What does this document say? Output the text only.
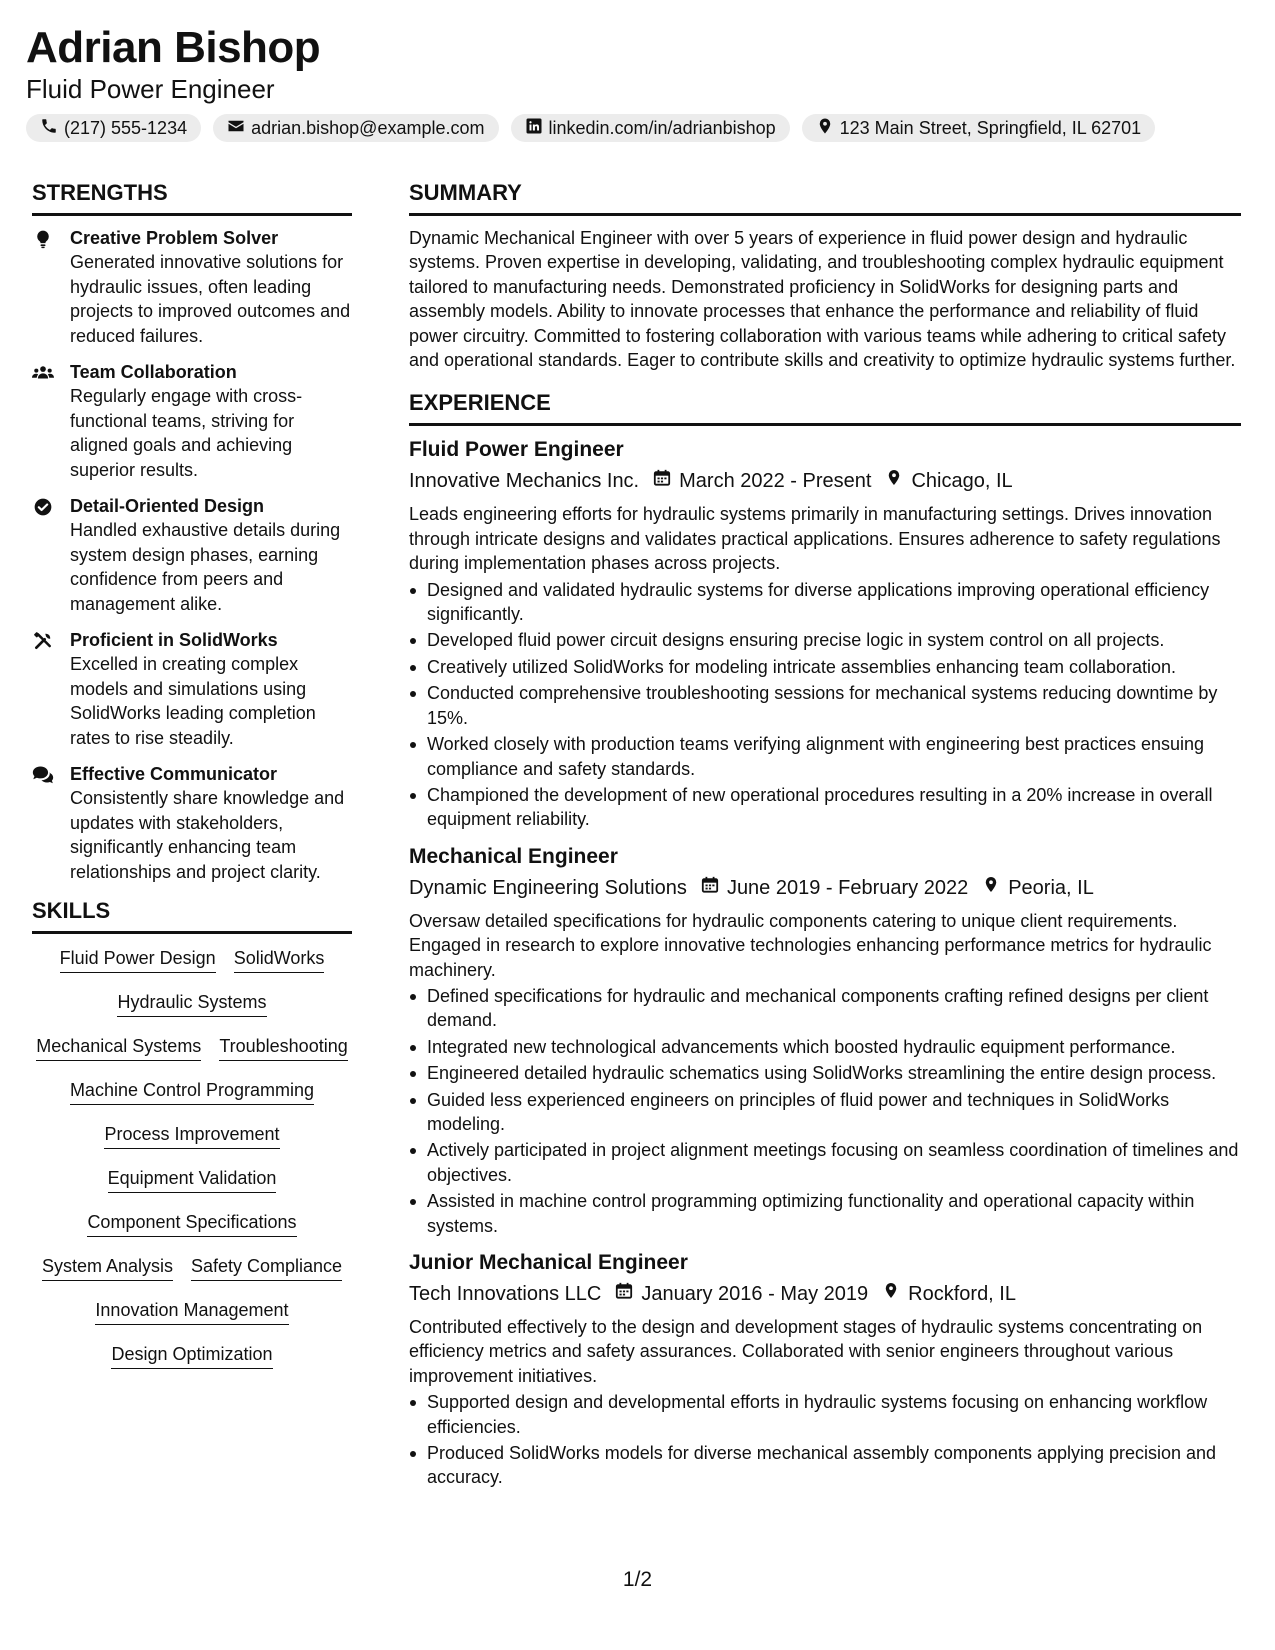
Adrian Bishop
Fluid Power Engineer
(217) 555-1234	adrian.bishop@example.com	linkedin.com/in/adrianbishop	123 Main Street, Springfield, IL 62701
STRENGTHS
Creative Problem Solver
Generated innovative solutions for hydraulic issues, often leading projects to improved outcomes and reduced failures.
Team Collaboration
Regularly engage with cross-functional teams, striving for aligned goals and achieving superior results.
Detail-Oriented Design
Handled exhaustive details during system design phases, earning confidence from peers and management alike.
Proficient in SolidWorks
Excelled in creating complex models and simulations using SolidWorks leading completion rates to rise steadily.
Effective Communicator
Consistently share knowledge and updates with stakeholders, significantly enhancing team relationships and project clarity.
SKILLS
Fluid Power Design SolidWorks
Hydraulic Systems
Mechanical Systems Troubleshooting
Machine Control Programming
Process Improvement
Equipment Validation
Component Specifications
System Analysis Safety Compliance
Innovation Management
Design Optimization
SUMMARY
Dynamic Mechanical Engineer with over 5 years of experience in fluid power design and hydraulic systems. Proven expertise in developing, validating, and troubleshooting complex hydraulic equipment tailored to manufacturing needs. Demonstrated proficiency in SolidWorks for designing parts and assembly models. Ability to innovate processes that enhance the performance and reliability of fluid power circuitry. Committed to fostering collaboration with various teams while adhering to critical safety and operational standards. Eager to contribute skills and creativity to optimize hydraulic systems further.
EXPERIENCE
Fluid Power Engineer
Innovative Mechanics Inc. March 2022 - Present Chicago, IL
Leads engineering efforts for hydraulic systems primarily in manufacturing settings. Drives innovation through intricate designs and validates practical applications. Ensures adherence to safety regulations during implementation phases across projects.
Designed and validated hydraulic systems for diverse applications improving operational efficiency significantly.
Developed fluid power circuit designs ensuring precise logic in system control on all projects.
Creatively utilized SolidWorks for modeling intricate assemblies enhancing team collaboration.
Conducted comprehensive troubleshooting sessions for mechanical systems reducing downtime by 15%.
Worked closely with production teams verifying alignment with engineering best practices ensuing compliance and safety standards.
Championed the development of new operational procedures resulting in a 20% increase in overall equipment reliability.
Mechanical Engineer
Dynamic Engineering Solutions June 2019 - February 2022 Peoria, IL
Oversaw detailed specifications for hydraulic components catering to unique client requirements. Engaged in research to explore innovative technologies enhancing performance metrics for hydraulic machinery.
Defined specifications for hydraulic and mechanical components crafting refined designs per client demand.
Integrated new technological advancements which boosted hydraulic equipment performance.
Engineered detailed hydraulic schematics using SolidWorks streamlining the entire design process.
Guided less experienced engineers on principles of fluid power and techniques in SolidWorks modeling.
Actively participated in project alignment meetings focusing on seamless coordination of timelines and objectives.
Assisted in machine control programming optimizing functionality and operational capacity within systems.
Junior Mechanical Engineer
Tech Innovations LLC January 2016 - May 2019 Rockford, IL
Contributed effectively to the design and development stages of hydraulic systems concentrating on efficiency metrics and safety assurances. Collaborated with senior engineers throughout various improvement initiatives.
Supported design and developmental efforts in hydraulic systems focusing on enhancing workflow efficiencies.
Produced SolidWorks models for diverse mechanical assembly components applying precision and accuracy.
1/2
